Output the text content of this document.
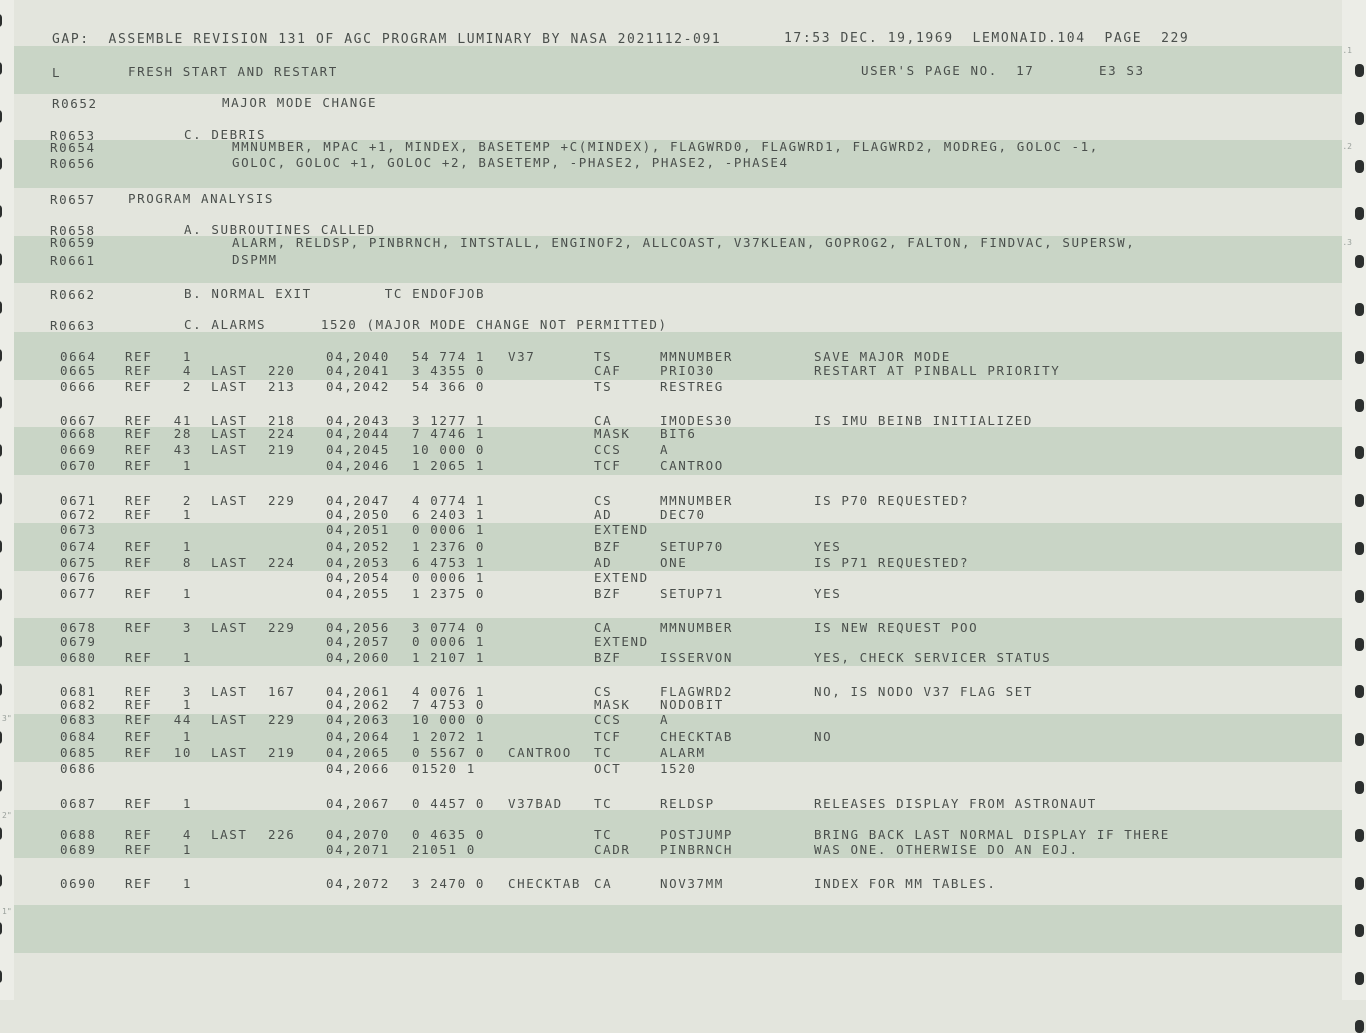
.1
.2
.3
3"
2"
1"
GAP:  ASSEMBLE REVISION 131 OF AGC PROGRAM LUMINARY BY NASA 2021112-091	17:53 DEC. 19,1969  LEMONAID.104  PAGE  229
L	FRESH START AND RESTART	USER'S PAGE NO.  17	E3 S3
R0652	MAJOR MODE CHANGE
R0653	C. DEBRIS
R0654	MMNUMBER, MPAC +1, MINDEX, BASETEMP +C(MINDEX), FLAGWRD0, FLAGWRD1, FLAGWRD2, MODREG, GOLOC -1,
R0656	GOLOC, GOLOC +1, GOLOC +2, BASETEMP, -PHASE2, PHASE2, -PHASE4
R0657	PROGRAM ANALYSIS
R0658	A. SUBROUTINES CALLED
R0659	ALARM, RELDSP, PINBRNCH, INTSTALL, ENGINOF2, ALLCOAST, V37KLEAN, GOPROG2, FALTON, FINDVAC, SUPERSW,
R0661	DSPMM
R0662	B. NORMAL EXIT        TC ENDOFJOB
R0663	C. ALARMS      1520 (MAJOR MODE CHANGE NOT PERMITTED)
0664 REF	1	04,2040 54 774 1 V37	TS	MMNUMBER	SAVE MAJOR MODE
0665 REF	4 LAST 220 04,2041 3 4355 0	CAF	PRIO30	RESTART AT PINBALL PRIORITY
0666 REF	2 LAST 213 04,2042 54 366 0	TS	RESTREG
0667 REF 41 LAST 218 04,2043 3 1277 1	CA	IMODES30	IS IMU BEINB INITIALIZED
0668 REF 28 LAST 224 04,2044 7 4746 1	MASK BIT6
0669 REF 43 LAST 219 04,2045 10 000 0	CCS	A
0670 REF	1	04,2046 1 2065 1	TCF	CANTROO
0671 REF	2 LAST 229 04,2047 4 0774 1	CS	MMNUMBER	IS P70 REQUESTED?
0672 REF	1	04,2050 6 2403 1	AD	DEC70
0673	04,2051 0 0006 1	EXTEND
0674 REF	1	04,2052 1 2376 0	BZF	SETUP70	YES
0675 REF	8 LAST 224 04,2053 6 4753 1	AD	ONE	IS P71 REQUESTED?
0676	04,2054 0 0006 1	EXTEND
0677 REF	1	04,2055 1 2375 0	BZF	SETUP71	YES
0678 REF	3 LAST 229 04,2056 3 0774 0	CA	MMNUMBER	IS NEW REQUEST POO
0679	04,2057 0 0006 1	EXTEND
0680 REF	1	04,2060 1 2107 1	BZF	ISSERVON	YES, CHECK SERVICER STATUS
0681 REF	3 LAST 167 04,2061 4 0076 1	CS	FLAGWRD2	NO, IS NODO V37 FLAG SET
0682 REF	1	04,2062 7 4753 0	MASK NODOBIT
0683 REF 44 LAST 229 04,2063 10 000 0	CCS	A
0684 REF	1	04,2064 1 2072 1	TCF	CHECKTAB	NO
0685 REF 10 LAST 219 04,2065 0 5567 0 CANTROO TC	ALARM
0686	04,2066 01520 1	OCT	1520
0687 REF	1	04,2067 0 4457 0 V37BAD TC	RELDSP	RELEASES DISPLAY FROM ASTRONAUT
0688 REF	4 LAST 226 04,2070 0 4635 0	TC	POSTJUMP	BRING BACK LAST NORMAL DISPLAY IF THERE
0689 REF	1	04,2071 21051 0	CADR PINBRNCH	WAS ONE. OTHERWISE DO AN EOJ.
0690 REF	1	04,2072 3 2470 0 CHECKTAB CA	NOV37MM	INDEX FOR MM TABLES.
